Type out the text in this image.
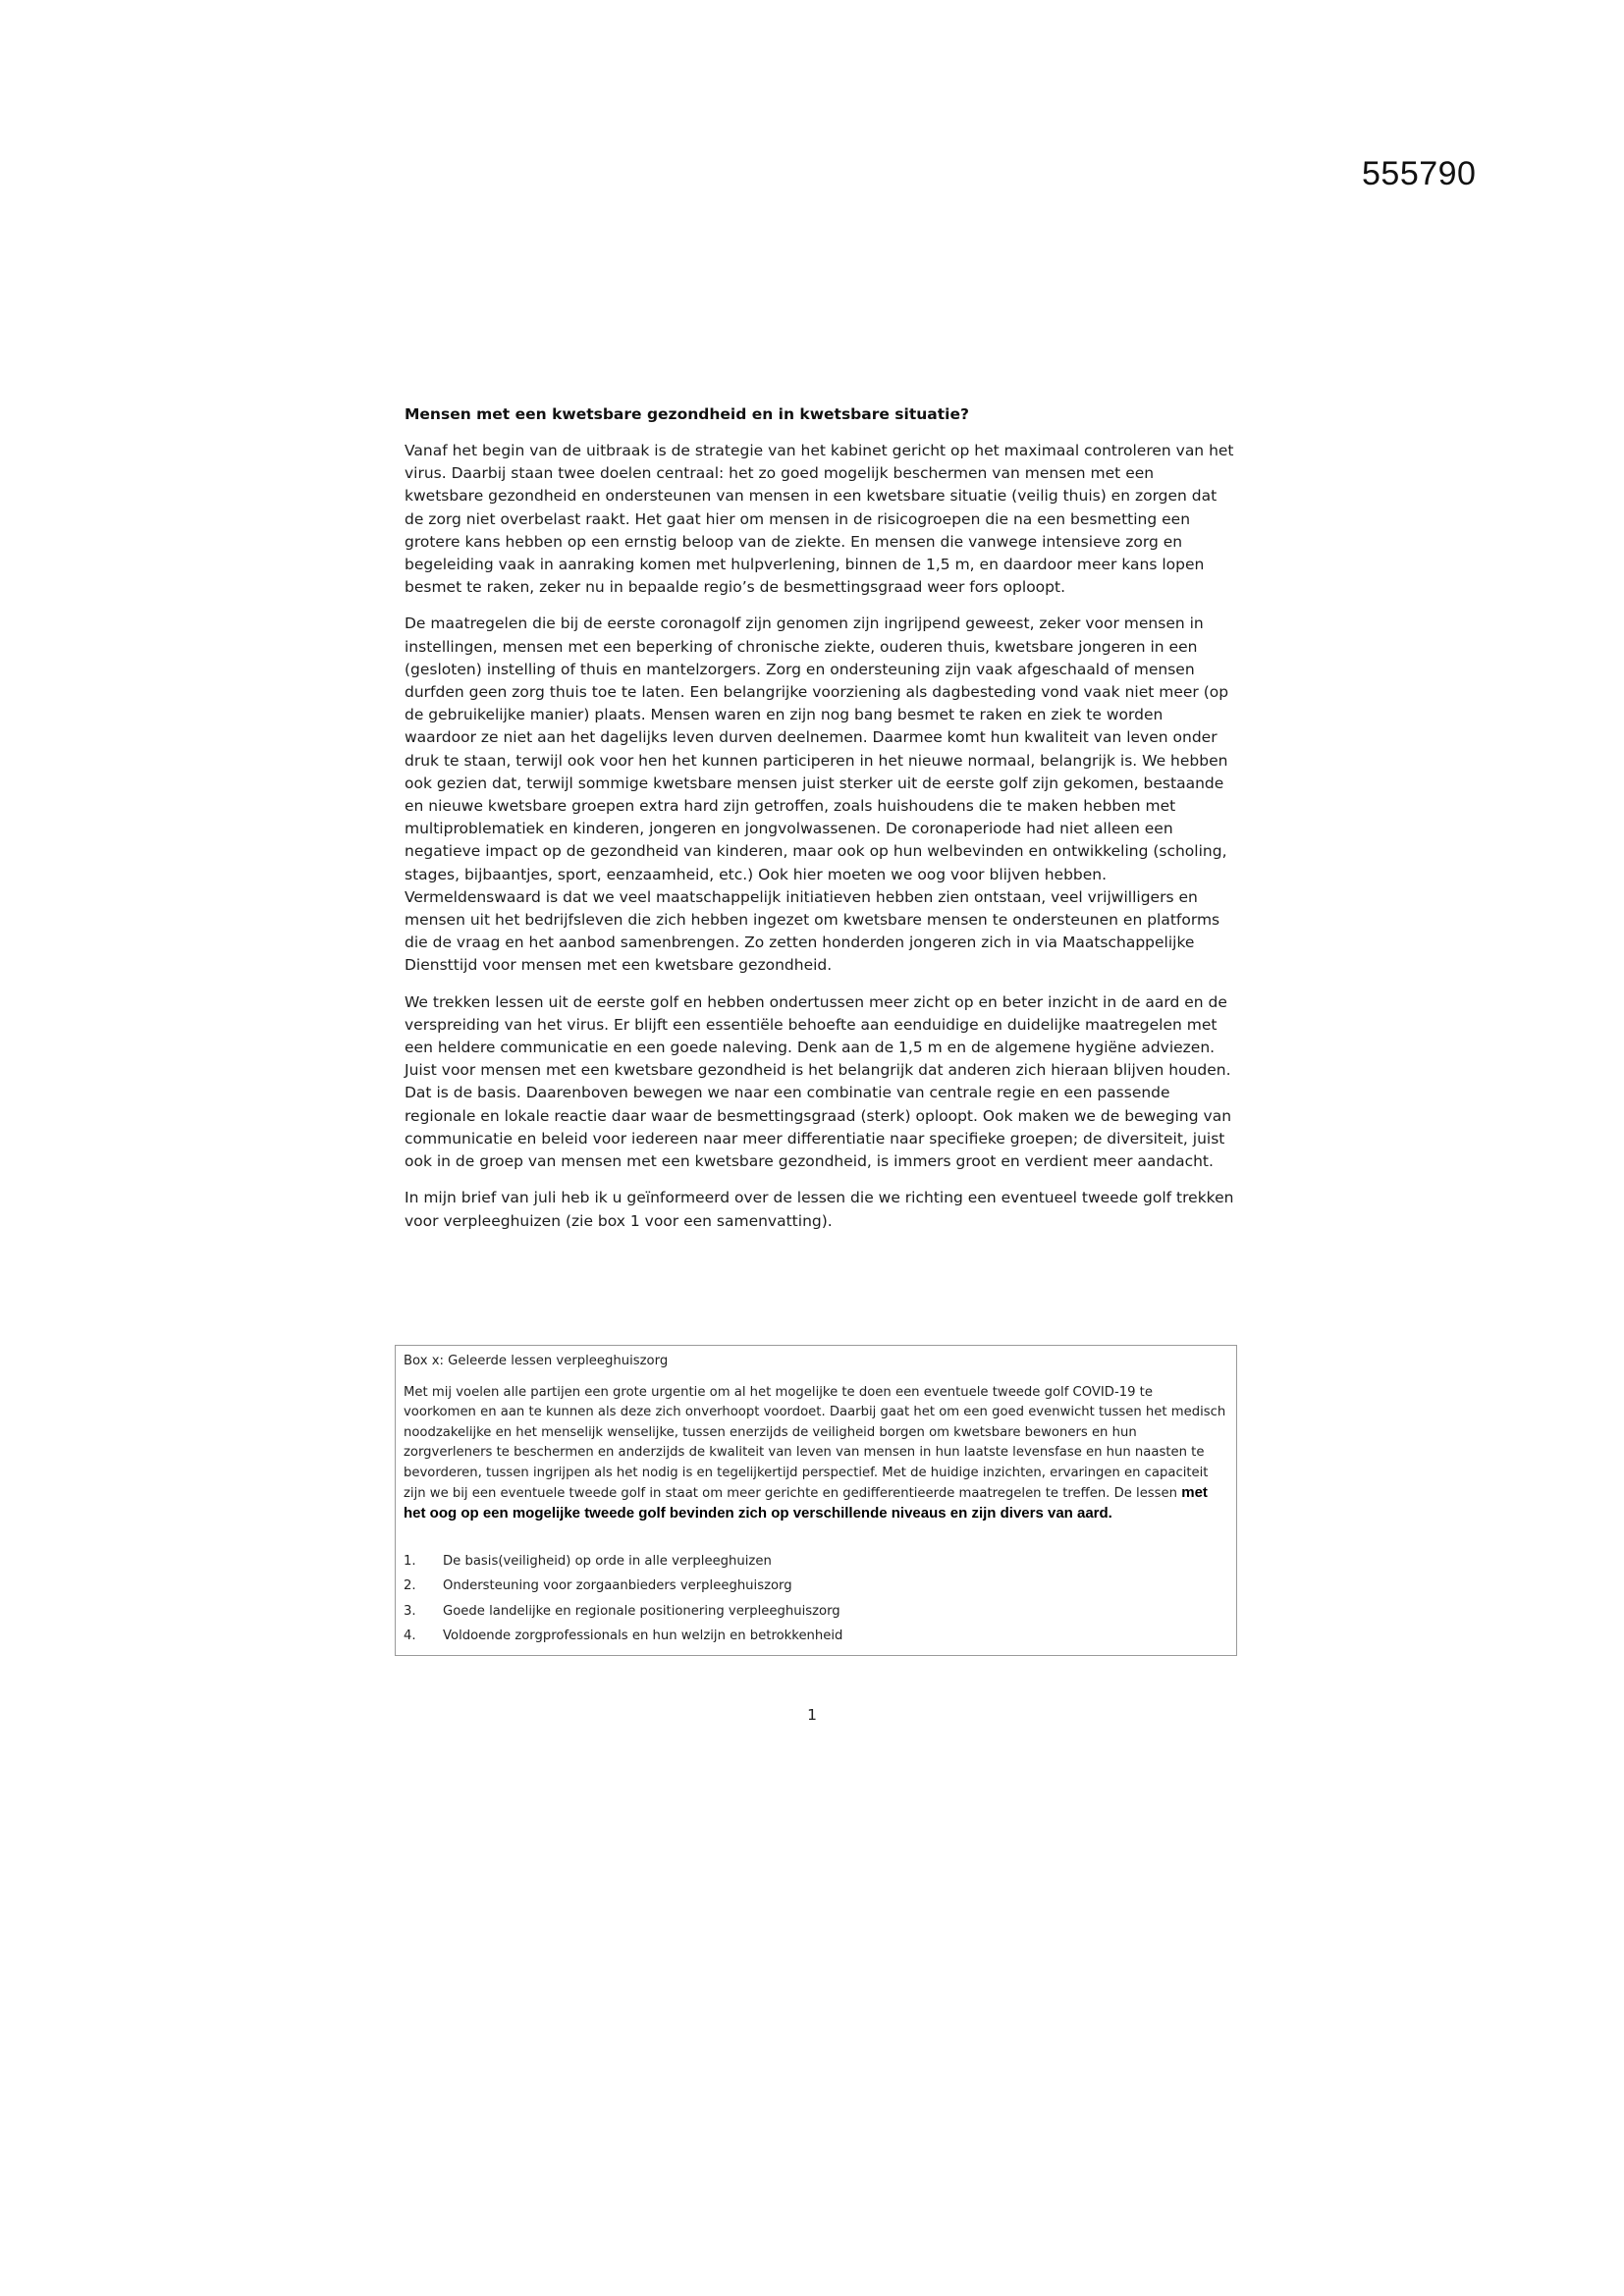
555790
Mensen met een kwetsbare gezondheid en in kwetsbare situatie?

Vanaf het begin van de uitbraak is de strategie van het kabinet gericht op het maximaal controleren van het virus. Daarbij staan twee doelen centraal: het zo goed mogelijk beschermen van mensen met een kwetsbare gezondheid en ondersteunen van mensen in een kwetsbare situatie (veilig thuis) en zorgen dat de zorg niet overbelast raakt. Het gaat hier om mensen in de risicogroepen die na een besmetting een grotere kans hebben op een ernstig beloop van de ziekte. En mensen die vanwege intensieve zorg en begeleiding vaak in aanraking komen met hulpverlening, binnen de 1,5 m, en daardoor meer kans lopen besmet te raken, zeker nu in bepaalde regio’s de besmettingsgraad weer fors oploopt.

De maatregelen die bij de eerste coronagolf zijn genomen zijn ingrijpend geweest, zeker voor mensen in instellingen, mensen met een beperking of chronische ziekte, ouderen thuis, kwetsbare jongeren in een (gesloten) instelling of thuis en mantelzorgers. Zorg en ondersteuning zijn vaak afgeschaald of mensen durfden geen zorg thuis toe te laten. Een belangrijke voorziening als dagbesteding vond vaak niet meer (op de gebruikelijke manier) plaats. Mensen waren en zijn nog bang besmet te raken en ziek te worden waardoor ze niet aan het dagelijks leven durven deelnemen. Daarmee komt hun kwaliteit van leven onder druk te staan, terwijl ook voor hen het kunnen participeren in het nieuwe normaal, belangrijk is. We hebben ook gezien dat, terwijl sommige kwetsbare mensen juist sterker uit de eerste golf zijn gekomen, bestaande en nieuwe kwetsbare groepen extra hard zijn getroffen, zoals huishoudens die te maken hebben met multiproblematiek en kinderen, jongeren en jongvolwassenen. De coronaperiode had niet alleen een negatieve impact op de gezondheid van kinderen, maar ook op hun welbevinden en ontwikkeling (scholing, stages, bijbaantjes, sport, eenzaamheid, etc.) Ook hier moeten we oog voor blijven hebben. Vermeldenswaard is dat we veel maatschappelijk initiatieven hebben zien ontstaan, veel vrijwilligers en mensen uit het bedrijfsleven die zich hebben ingezet om kwetsbare mensen te ondersteunen en platforms die de vraag en het aanbod samenbrengen. Zo zetten honderden jongeren zich in via Maatschappelijke Diensttijd voor mensen met een kwetsbare gezondheid.

We trekken lessen uit de eerste golf en hebben ondertussen meer zicht op en beter inzicht in de aard en de verspreiding van het virus. Er blijft een essentiële behoefte aan eenduidige en duidelijke maatregelen met een heldere communicatie en een goede naleving. Denk aan de 1,5 m en de algemene hygiëne adviezen. Juist voor mensen met een kwetsbare gezondheid is het belangrijk dat anderen zich hieraan blijven houden. Dat is de basis. Daarenboven bewegen we naar een combinatie van centrale regie en een passende regionale en lokale reactie daar waar de besmettingsgraad (sterk) oploopt. Ook maken we de beweging van communicatie en beleid voor iedereen naar meer differentiatie naar specifieke groepen; de diversiteit, juist ook in de groep van mensen met een kwetsbare gezondheid, is immers groot en verdient meer aandacht.

In mijn brief van juli heb ik u geïnformeerd over de lessen die we richting een eventueel tweede golf trekken voor verpleeghuizen (zie box 1 voor een samenvatting).

Box x: Geleerde lessen verpleeghuiszorg

Met mij voelen alle partijen een grote urgentie om al het mogelijke te doen een eventuele tweede golf COVID-19 te voorkomen en aan te kunnen als deze zich onverhoopt voordoet. Daarbij gaat het om een goed evenwicht tussen het medisch noodzakelijke en het menselijk wenselijke, tussen enerzijds de veiligheid borgen om kwetsbare bewoners en hun zorgverleners te beschermen en anderzijds de kwaliteit van leven van mensen in hun laatste levensfase en hun naasten te bevorderen, tussen ingrijpen als het nodig is en tegelijkertijd perspectief. Met de huidige inzichten, ervaringen en capaciteit zijn we bij een eventuele tweede golf in staat om meer gerichte en gedifferentieerde maatregelen te treffen. De lessen met het oog op een mogelijke tweede golf bevinden zich op verschillende niveaus en zijn divers van aard.

1.	De basis(veiligheid) op orde in alle verpleeghuizen
2.	Ondersteuning voor zorgaanbieders verpleeghuiszorg
3.	Goede landelijke en regionale positionering verpleeghuiszorg
4.	Voldoende zorgprofessionals en hun welzijn en betrokkenheid
1
